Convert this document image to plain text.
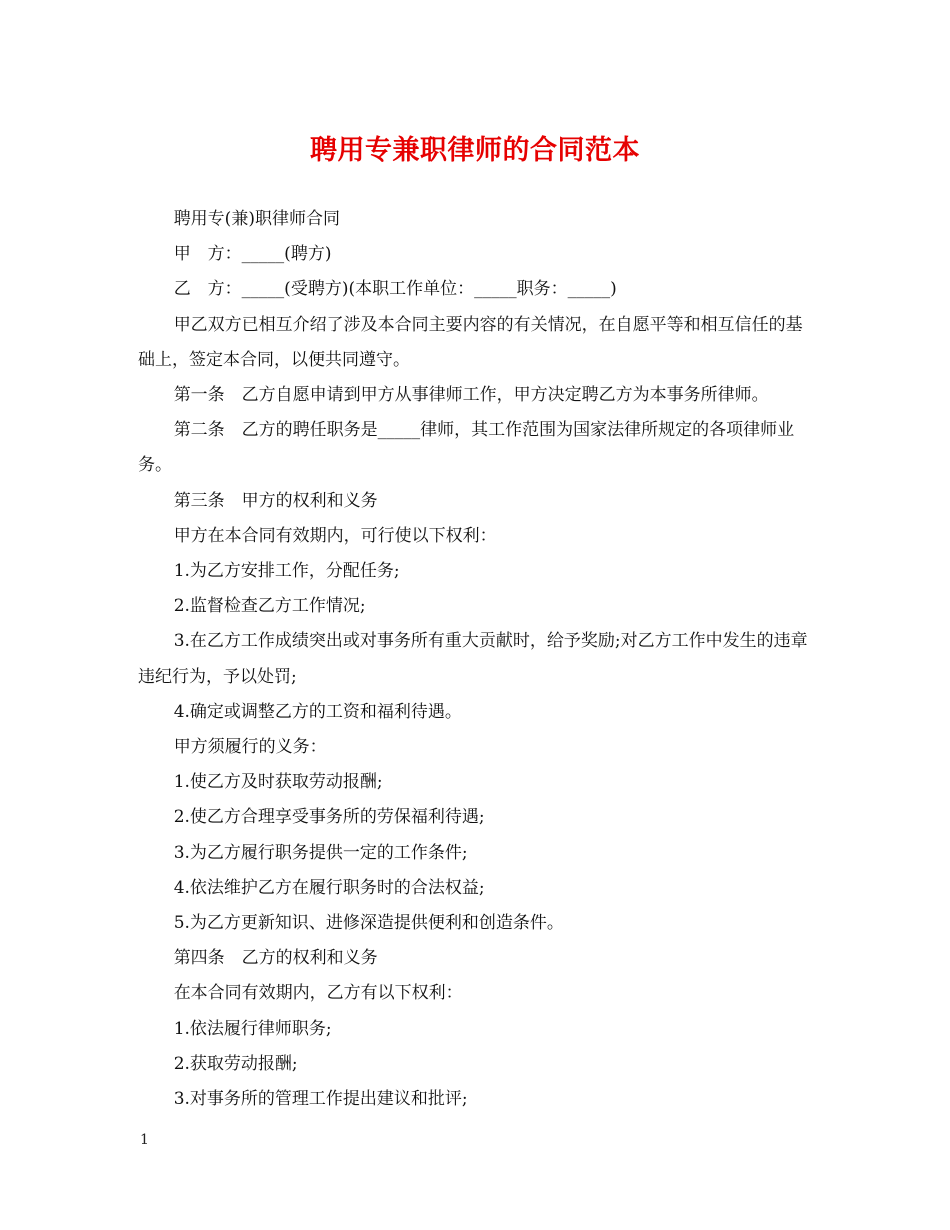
聘用专兼职律师的合同范本

聘用专(兼)职律师合同

甲　方：_____(聘方)

乙　方：_____(受聘方)(本职工作单位：_____职务：_____)

甲乙双方已相互介绍了涉及本合同主要内容的有关情况，在自愿平等和相互信任的基础上，签定本合同，以便共同遵守。

第一条　乙方自愿申请到甲方从事律师工作，甲方决定聘乙方为本事务所律师。

第二条　乙方的聘任职务是_____律师，其工作范围为国家法律所规定的各项律师业务。

第三条　甲方的权利和义务

甲方在本合同有效期内，可行使以下权利：

1.为乙方安排工作，分配任务;

2.监督检查乙方工作情况;

3.在乙方工作成绩突出或对事务所有重大贡献时，给予奖励;对乙方工作中发生的违章违纪行为，予以处罚;

4.确定或调整乙方的工资和福利待遇。

甲方须履行的义务：

1.使乙方及时获取劳动报酬;

2.使乙方合理享受事务所的劳保福利待遇;

3.为乙方履行职务提供一定的工作条件;

4.依法维护乙方在履行职务时的合法权益;

5.为乙方更新知识、进修深造提供便利和创造条件。

第四条　乙方的权利和义务

在本合同有效期内，乙方有以下权利：

1.依法履行律师职务;

2.获取劳动报酬;

3.对事务所的管理工作提出建议和批评;

1
